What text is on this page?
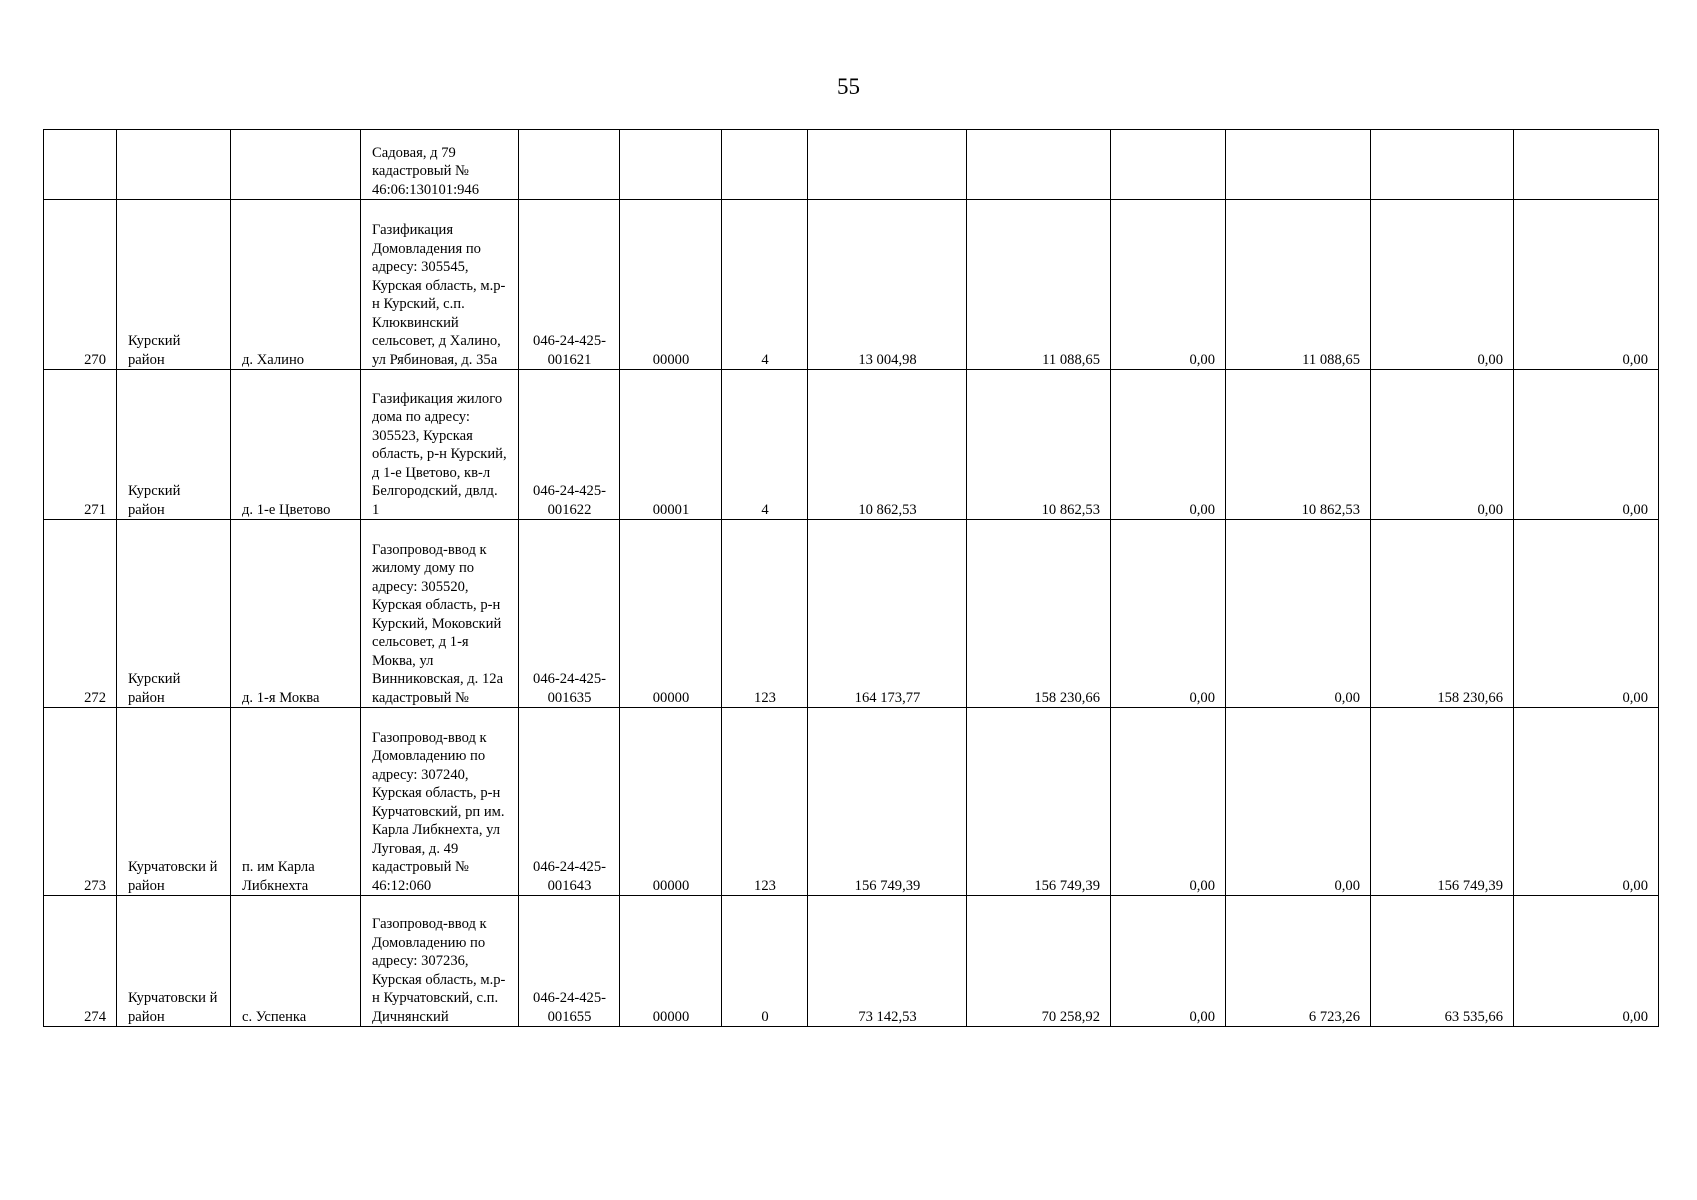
55
			Садовая, д 79 кадастровый № 46:06:130101:946									
270	Курский район	д. Халино	Газификация Домовладения по адресу: 305545, Курская область, м.р-н Курский, с.п. Клюквинский сельсовет, д Халино, ул Рябиновая, д. 35а	046-24-425-001621	00000	4	13 004,98	11 088,65	0,00	11 088,65	0,00	0,00
271	Курский район	д. 1-е Цветово	Газификация жилого дома по адресу: 305523, Курская область, р-н Курский, д 1-е Цветово, кв-л Белгородский, двлд. 1	046-24-425-001622	00001	4	10 862,53	10 862,53	0,00	10 862,53	0,00	0,00
272	Курский район	д. 1-я Моква	Газопровод-ввод к жилому дому по адресу: 305520, Курская область, р-н Курский, Моковский сельсовет, д 1-я Моква, ул Винниковская, д. 12а кадастровый №	046-24-425-001635	00000	123	164 173,77	158 230,66	0,00	0,00	158 230,66	0,00
273	Курчатовски й район	п. им Карла Либкнехта	Газопровод-ввод к Домовладению по адресу: 307240, Курская область, р-н Курчатовский, рп им. Карла Либкнехта, ул Луговая, д. 49 кадастровый № 46:12:060	046-24-425-001643	00000	123	156 749,39	156 749,39	0,00	0,00	156 749,39	0,00
274	Курчатовски й район	с. Успенка	Газопровод-ввод к Домовладению по адресу: 307236, Курская область, м.р-н Курчатовский, с.п. Дичнянский	046-24-425-001655	00000	0	73 142,53	70 258,92	0,00	6 723,26	63 535,66	0,00
